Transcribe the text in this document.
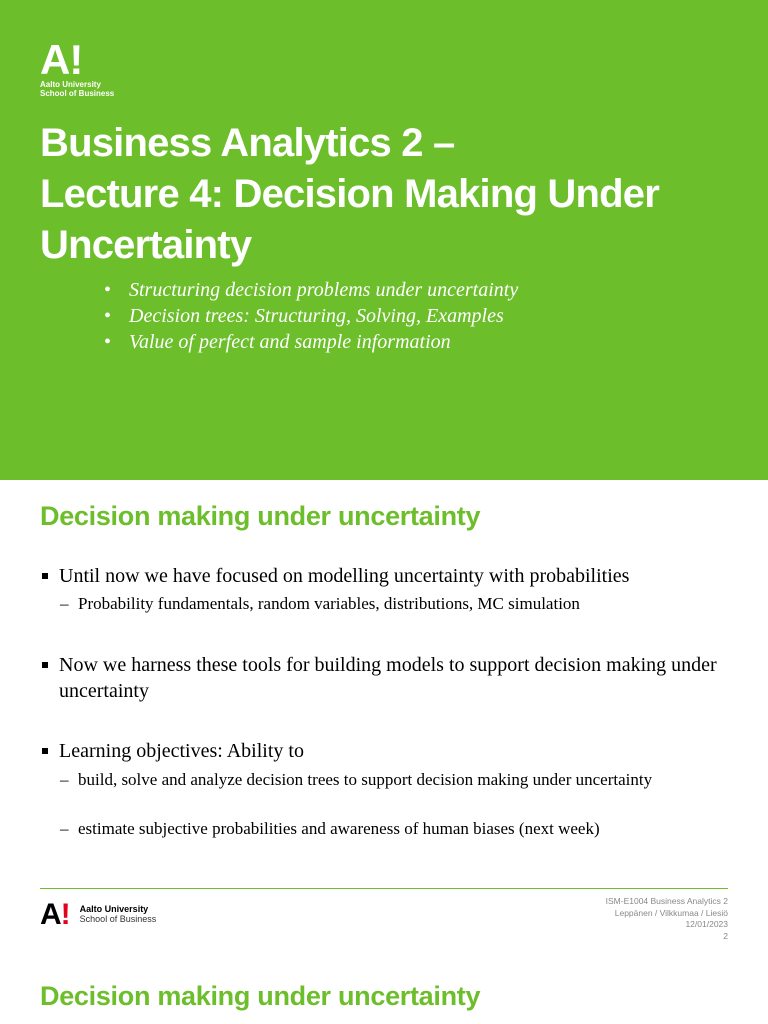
A!
Aalto University
School of Business
Business Analytics 2 –
Lecture 4: Decision Making Under
Uncertainty
• Structuring decision problems under uncertainty
• Decision trees: Structuring, Solving, Examples
• Value of perfect and sample information
Decision making under uncertainty
Until now we have focused on modelling uncertainty with probabilities
– Probability fundamentals, random variables, distributions, MC simulation
Now we harness these tools for building models to support decision making under uncertainty
Learning objectives: Ability to
– build, solve and analyze decision trees to support decision making under uncertainty
– estimate subjective probabilities and awareness of human biases (next week)
A! Aalto University
School of Business
ISM-E1004 Business Analytics 2
Leppänen / Vilkkumaa / Liesiö
12/01/2023
2
Decision making under uncertainty
